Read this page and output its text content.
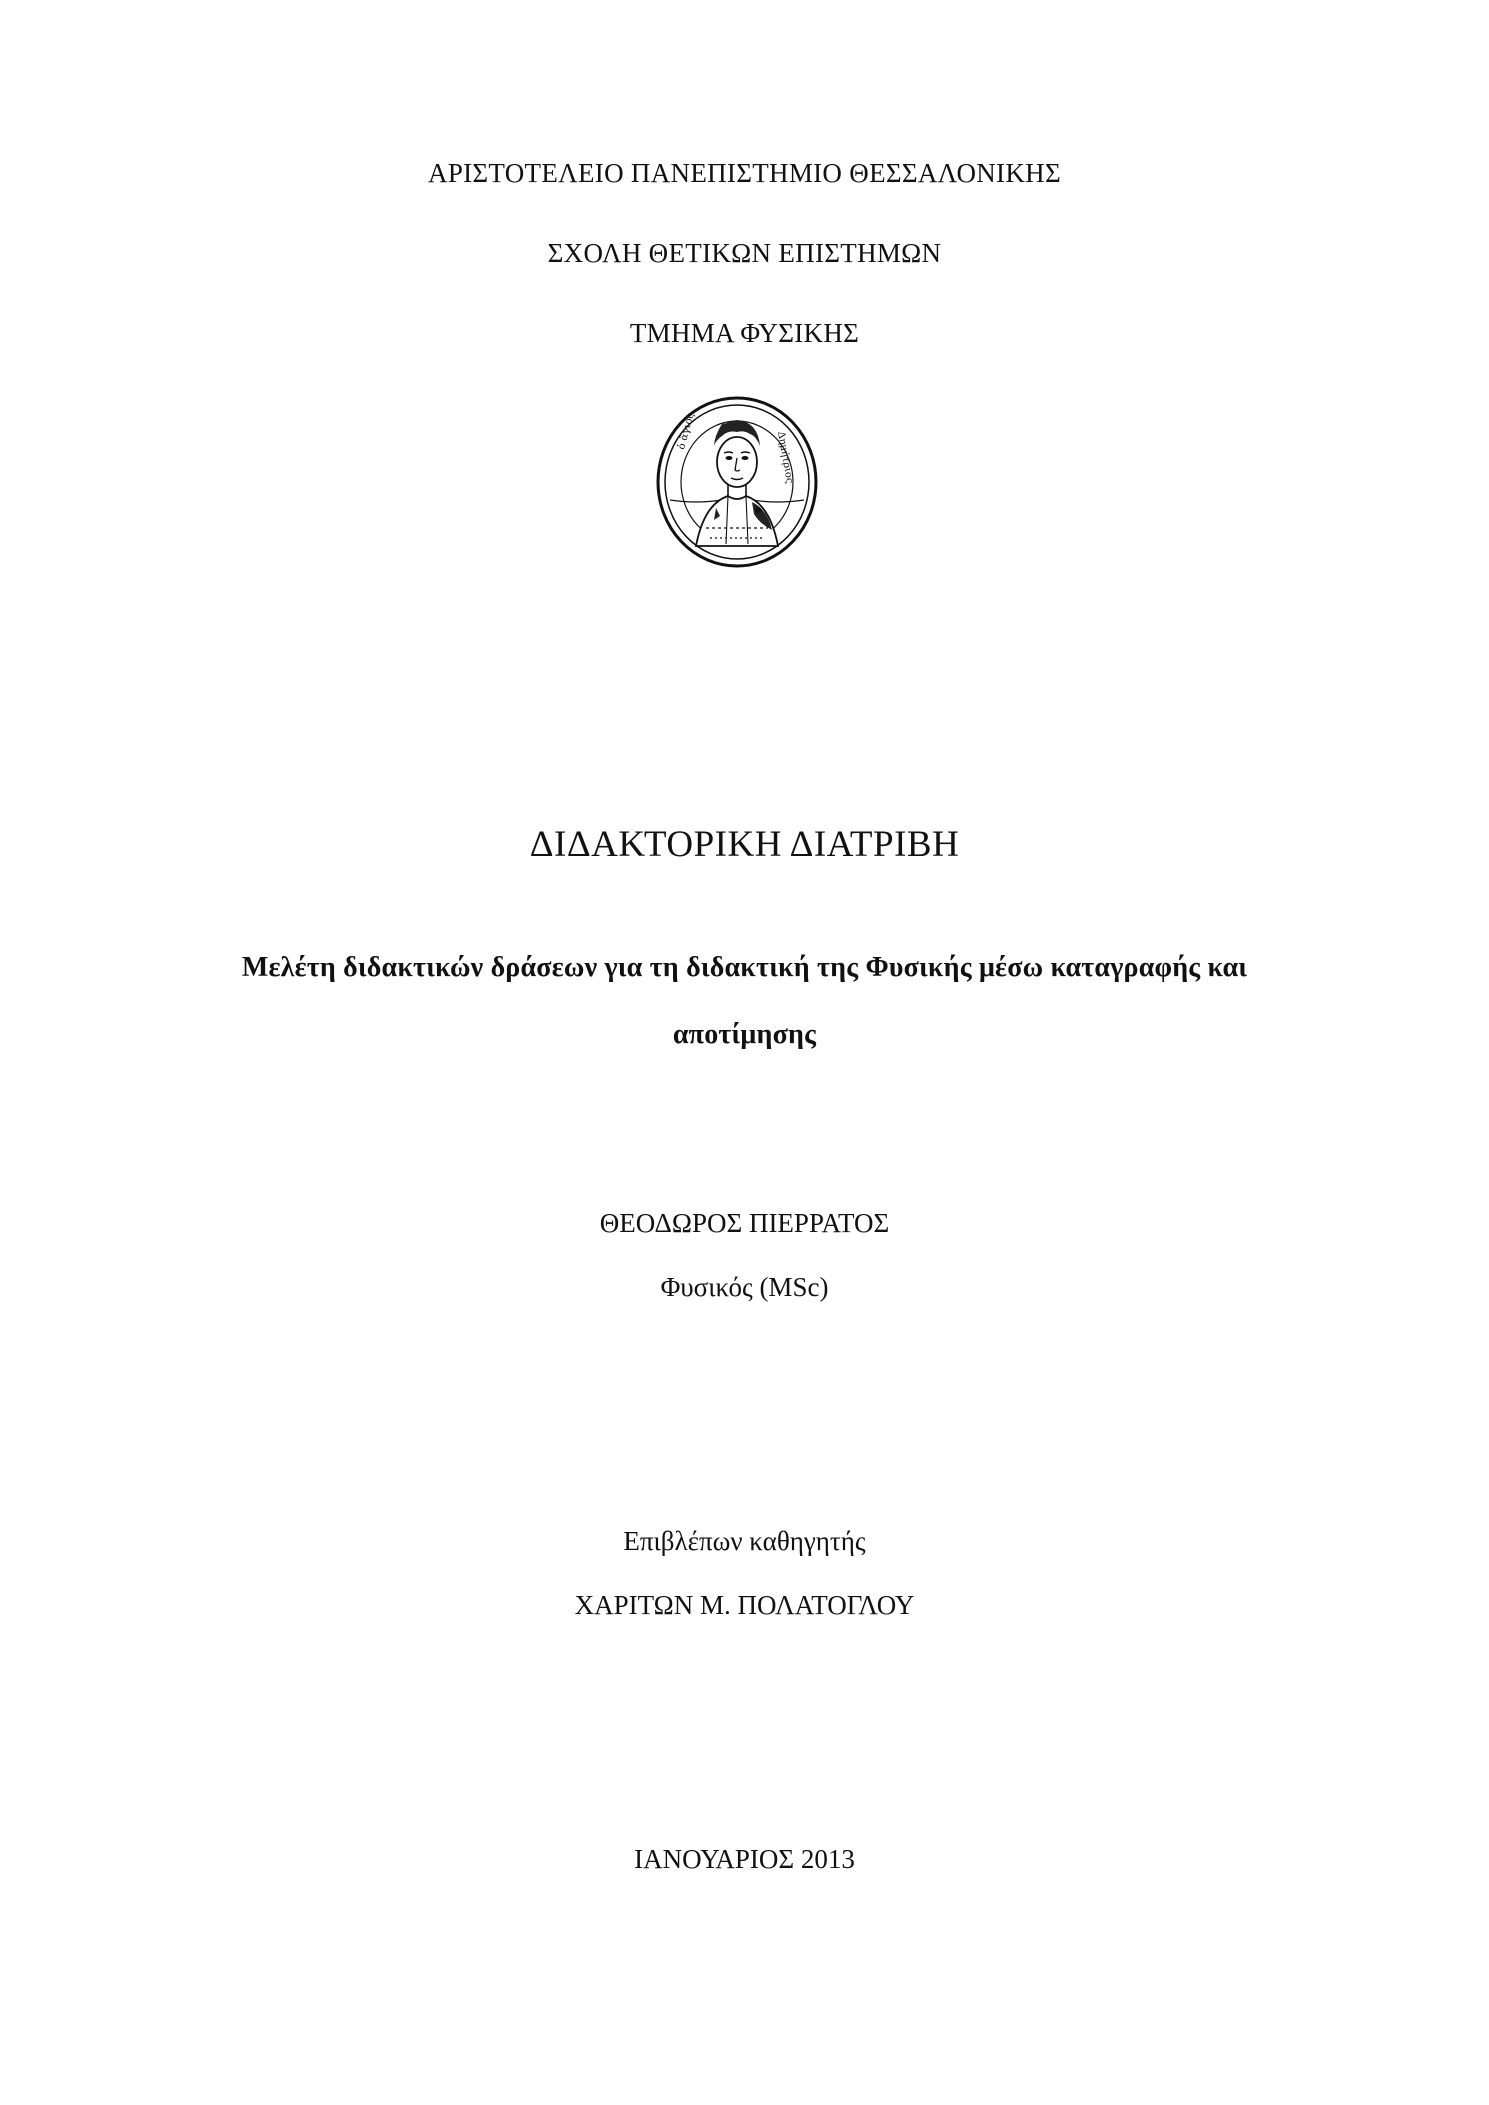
ΑΡΙΣΤΟΤΕΛΕΙΟ ΠΑΝΕΠΙΣΤΗΜΙΟ ΘΕΣΣΑΛΟΝΙΚΗΣ
ΣΧΟΛΗ ΘΕΤΙΚΩΝ ΕΠΙΣΤΗΜΩΝ
ΤΜΗΜΑ ΦΥΣΙΚΗΣ
ὁ ἅγιος	Δημήτριος
ΔΙΔΑΚΤΟΡΙΚΗ ΔΙΑΤΡΙΒΗ
Μελέτη διδακτικών δράσεων για τη διδακτική της Φυσικής μέσω καταγραφής και
αποτίμησης
ΘΕΟΔΩΡΟΣ ΠΙΕΡΡΑΤΟΣ
Φυσικός (MSc)
Επιβλέπων καθηγητής
ΧΑΡΙΤΩΝ Μ. ΠΟΛΑΤΟΓΛΟΥ
ΙΑΝΟΥΑΡΙΟΣ 2013
